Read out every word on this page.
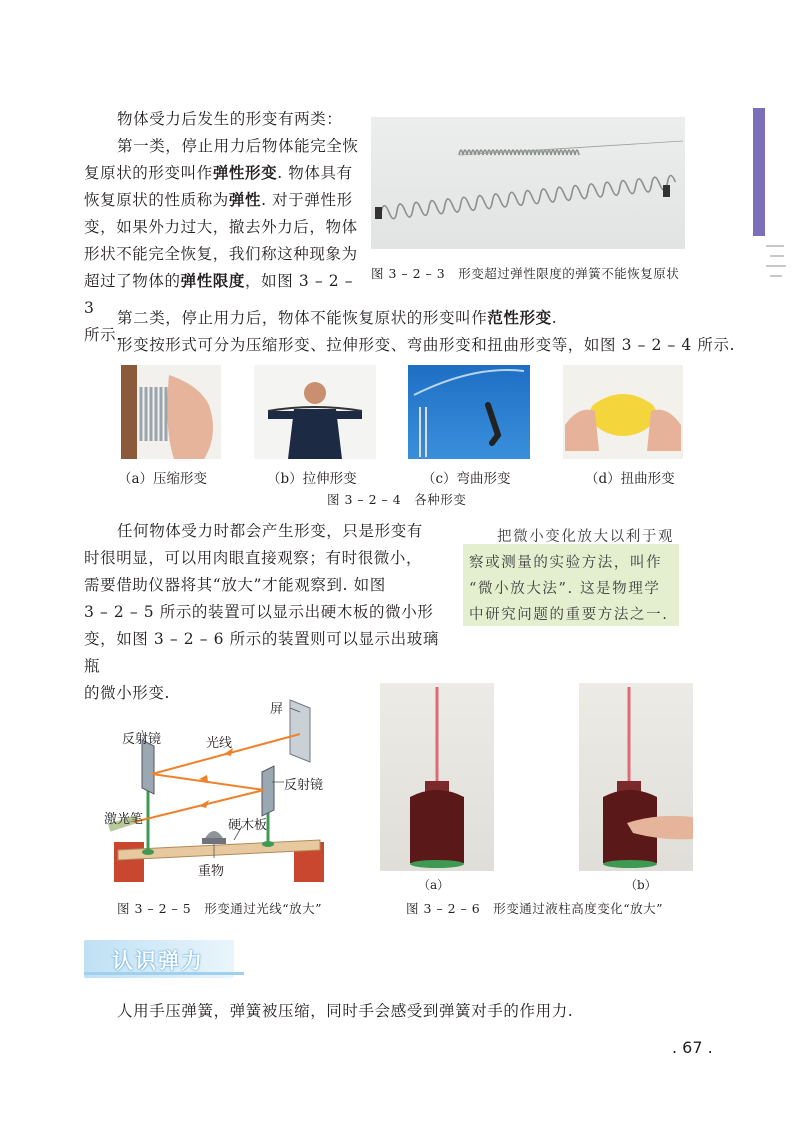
物体受力后发生的形变有两类：
第一类，停止用力后物体能完全恢
复原状的形变叫作弹性形变. 物体具有
恢复原状的性质称为弹性. 对于弹性形
变，如果外力过大，撤去外力后，物体
形状不能完全恢复，我们称这种现象为
超过了物体的弹性限度，如图 3 – 2 – 3
所示.
图 3 – 2 – 3　形变超过弹性限度的弹簧不能恢复原状
第二类，停止用力后，物体不能恢复原状的形变叫作范性形变.
形变按形式可分为压缩形变、拉伸形变、弯曲形变和扭曲形变等，如图 3 – 2 – 4 所示.
（a）压缩形变	（b）拉伸形变	（c）弯曲形变	（d）扭曲形变
图 3 – 2 – 4　各种形变
任何物体受力时都会产生形变，只是形变有
时很明显，可以用肉眼直接观察；有时很微小，
需要借助仪器将其“放大”才能观察到. 如图
3 – 2 – 5 所示的装置可以显示出硬木板的微小形
变，如图 3 – 2 – 6 所示的装置则可以显示出玻璃瓶
的微小形变.
把微小变化放大以利于观
察或测量的实验方法，叫作
“微小放大法”. 这是物理学
中研究问题的重要方法之一.
屏
反射镜	光线
反射镜
激光笔	硬木板
重物
图 3 – 2 – 5　形变通过光线“放大”
（a）	（b）
图 3 – 2 – 6　形变通过液柱高度变化“放大”
认识弹力
人用手压弹簧，弹簧被压缩，同时手会感受到弹簧对手的作用力.
. 67 .
